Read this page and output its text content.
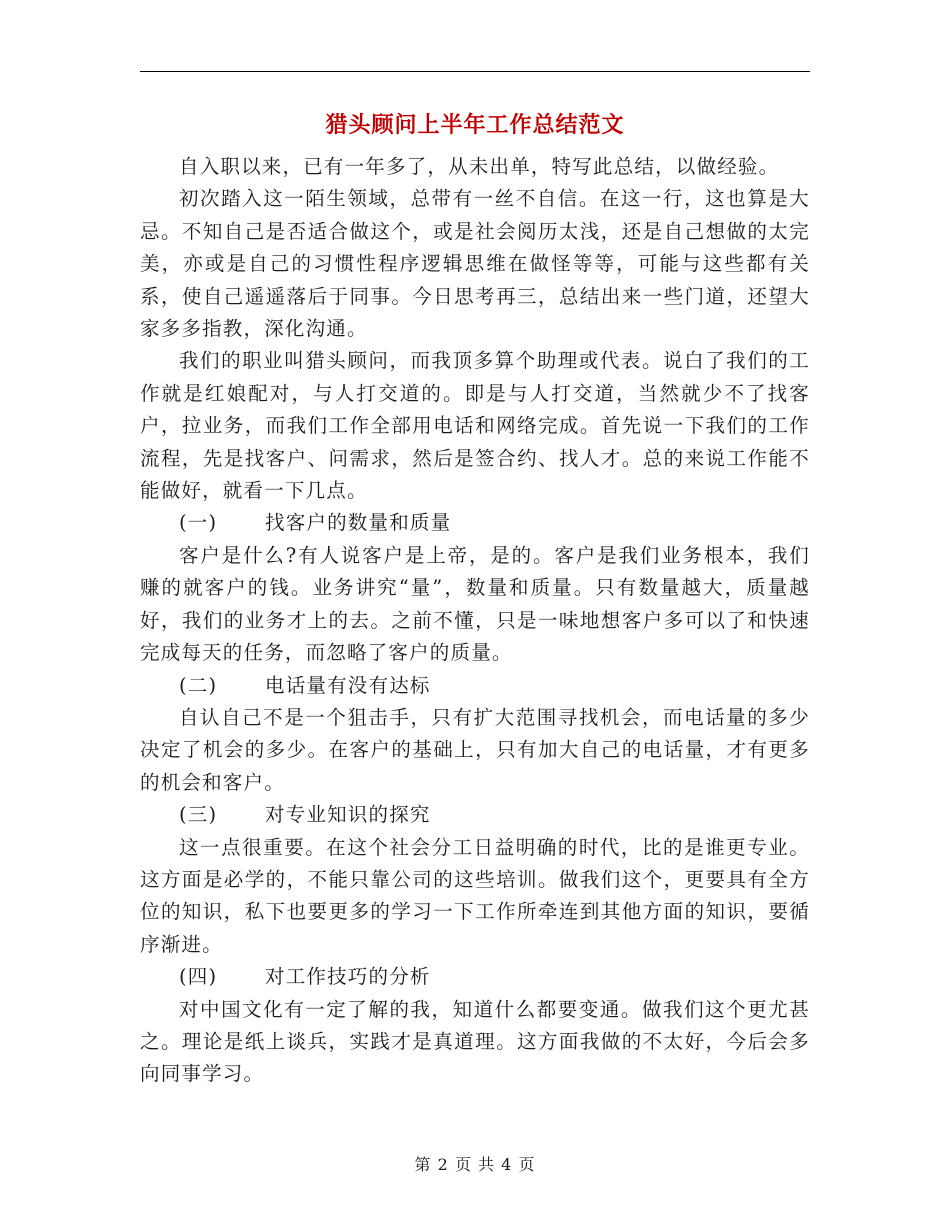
猎头顾问上半年工作总结范文

自入职以来，已有一年多了，从未出单，特写此总结，以做经验。

初次踏入这一陌生领域，总带有一丝不自信。在这一行，这也算是大忌。不知自己是否适合做这个，或是社会阅历太浅，还是自己想做的太完美，亦或是自己的习惯性程序逻辑思维在做怪等等，可能与这些都有关系，使自己遥遥落后于同事。今日思考再三，总结出来一些门道，还望大家多多指教，深化沟通。

我们的职业叫猎头顾问，而我顶多算个助理或代表。说白了我们的工作就是红娘配对，与人打交道的。即是与人打交道，当然就少不了找客户，拉业务，而我们工作全部用电话和网络完成。首先说一下我们的工作流程，先是找客户、问需求，然后是签合约、找人才。总的来说工作能不能做好，就看一下几点。

(一) 找客户的数量和质量

客户是什么?有人说客户是上帝，是的。客户是我们业务根本，我们赚的就客户的钱。业务讲究“量”，数量和质量。只有数量越大，质量越好，我们的业务才上的去。之前不懂，只是一味地想客户多可以了和快速完成每天的任务，而忽略了客户的质量。

(二) 电话量有没有达标

自认自己不是一个狙击手，只有扩大范围寻找机会，而电话量的多少决定了机会的多少。在客户的基础上，只有加大自己的电话量，才有更多的机会和客户。

(三) 对专业知识的探究

这一点很重要。在这个社会分工日益明确的时代，比的是谁更专业。这方面是必学的，不能只靠公司的这些培训。做我们这个，更要具有全方位的知识，私下也要更多的学习一下工作所牵连到其他方面的知识，要循序渐进。

(四) 对工作技巧的分析

对中国文化有一定了解的我，知道什么都要变通。做我们这个更尤甚之。理论是纸上谈兵，实践才是真道理。这方面我做的不太好，今后会多向同事学习。

第 2 页 共 4 页
